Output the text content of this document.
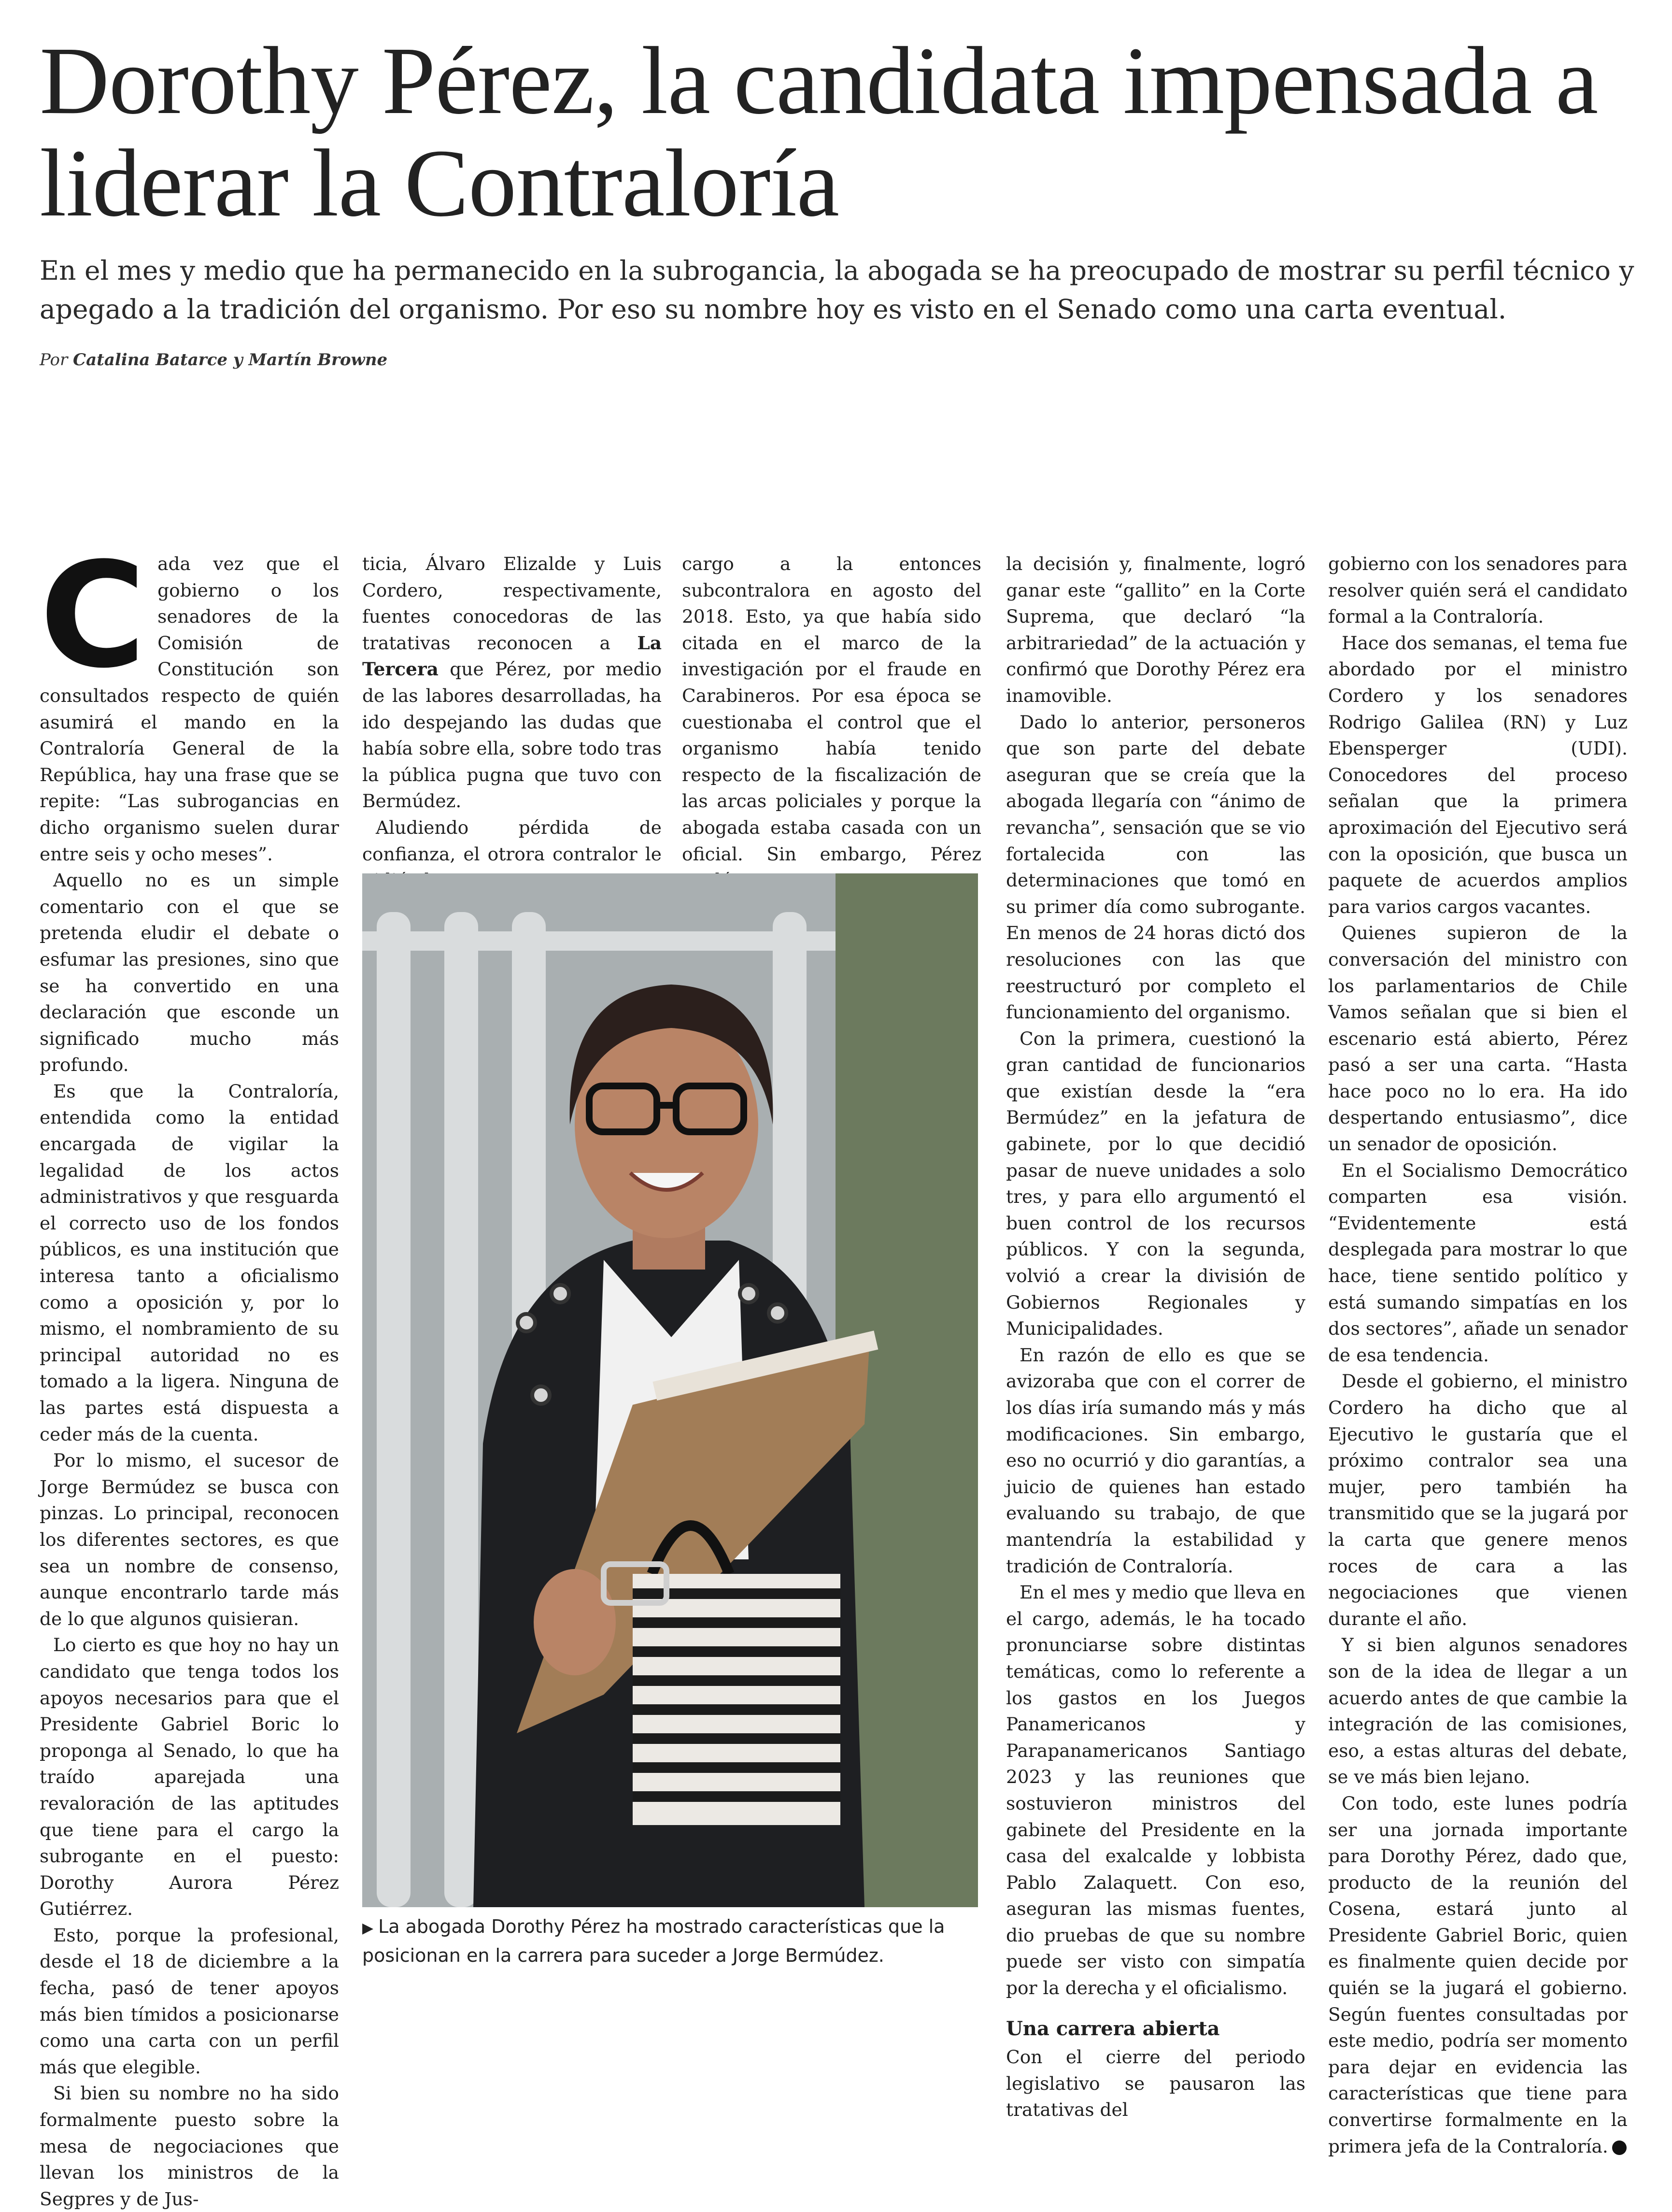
Dorothy Pérez, la candidata impensada a liderar la Contraloría

En el mes y medio que ha permanecido en la subrogancia, la abogada se ha preocupado de mostrar su perfil técnico y apegado a la tradición del organismo. Por eso su nombre hoy es visto en el Senado como una carta eventual.

Por Catalina Batarce y Martín Browne

Cada vez que el gobierno o los senadores de la Comisión de Constitución son consultados respecto de quién asumirá el mando en la Contraloría General de la República, hay una frase que se repite: “Las subrogancias en dicho organismo suelen durar entre seis y ocho meses”.

Aquello no es un simple comentario con el que se pretenda eludir el debate o esfumar las presiones, sino que se ha convertido en una declaración que esconde un significado mucho más profundo.

Es que la Contraloría, entendida como la entidad encargada de vigilar la legalidad de los actos administrativos y que resguarda el correcto uso de los fondos públicos, es una institución que interesa tanto a oficialismo como a oposición y, por lo mismo, el nombramiento de su principal autoridad no es tomado a la ligera. Ninguna de las partes está dispuesta a ceder más de la cuenta.

Por lo mismo, el sucesor de Jorge Bermúdez se busca con pinzas. Lo principal, reconocen los diferentes sectores, es que sea un nombre de consenso, aunque encontrarlo tarde más de lo que algunos quisieran.

Lo cierto es que hoy no hay un candidato que tenga todos los apoyos necesarios para que el Presidente Gabriel Boric lo proponga al Senado, lo que ha traído aparejada una revaloración de las aptitudes que tiene para el cargo la subrogante en el puesto: Dorothy Aurora Pérez Gutiérrez.

Esto, porque la profesional, desde el 18 de diciembre a la fecha, pasó de tener apoyos más bien tímidos a posicionarse como una carta con un perfil más que elegible.

Si bien su nombre no ha sido formalmente puesto sobre la mesa de negociaciones que llevan los ministros de la Segpres y de Jus-

ticia, Álvaro Elizalde y Luis Cordero, respectivamente, fuentes conocedoras de las tratativas reconocen a La Tercera que Pérez, por medio de las labores desarrolladas, ha ido despejando las dudas que había sobre ella, sobre todo tras la pública pugna que tuvo con Bermúdez.

Aludiendo pérdida de confianza, el otrora contralor le

cargo a la entonces subcontralora en agosto del 2018. Esto, ya que había sido citada en el marco de la investigación por el fraude en Carabineros. Por esa época se cuestionaba el control que el organismo había tenido respecto de la fiscalización de las arcas policiales y porque la abogada estaba casada con un oficial. Sin embargo, Pérez

▶ La abogada Dorothy Pérez ha mostrado características que la posicionan en la carrera para suceder a Jorge Bermúdez.

la decisión y, finalmente, logró ganar este “gallito” en la Corte Suprema, que declaró “la arbitrariedad” de la actuación y confirmó que Dorothy Pérez era inamovible.

Dado lo anterior, personeros que son parte del debate aseguran que se creía que la abogada llegaría con “ánimo de revancha”, sensación que se vio fortalecida con las determinaciones que tomó en su primer día como subrogante. En menos de 24 horas dictó dos resoluciones con las que reestructuró por completo el funcionamiento del organismo.

Con la primera, cuestionó la gran cantidad de funcionarios que existían desde la “era Bermúdez” en la jefatura de gabinete, por lo que decidió pasar de nueve unidades a solo tres, y para ello argumentó el buen control de los recursos públicos. Y con la segunda, volvió a crear la división de Gobiernos Regionales y Municipalidades.

En razón de ello es que se avizoraba que con el correr de los días iría sumando más y más modificaciones. Sin embargo, eso no ocurrió y dio garantías, a juicio de quienes han estado evaluando su trabajo, de que mantendría la estabilidad y tradición de Contraloría.

En el mes y medio que lleva en el cargo, además, le ha tocado pronunciarse sobre distintas temáticas, como lo referente a los gastos en los Juegos Panamericanos y Parapanamericanos Santiago 2023 y las reuniones que sostuvieron ministros del gabinete del Presidente en la casa del exalcalde y lobbista Pablo Zalaquett. Con eso, aseguran las mismas fuentes, dio pruebas de que su nombre puede ser visto con simpatía por la derecha y el oficialismo.

Una carrera abierta

Con el cierre del periodo legislativo se pausaron las tratativas del

gobierno con los senadores para resolver quién será el candidato formal a la Contraloría.

Hace dos semanas, el tema fue abordado por el ministro Cordero y los senadores Rodrigo Galilea (RN) y Luz Ebensperger (UDI). Conocedores del proceso señalan que la primera aproximación del Ejecutivo será con la oposición, que busca un paquete de acuerdos amplios para varios cargos vacantes.

Quienes supieron de la conversación del ministro con los parlamentarios de Chile Vamos señalan que si bien el escenario está abierto, Pérez pasó a ser una carta. “Hasta hace poco no lo era. Ha ido despertando entusiasmo”, dice un senador de oposición.

En el Socialismo Democrático comparten esa visión. “Evidentemente está desplegada para mostrar lo que hace, tiene sentido político y está sumando simpatías en los dos sectores”, añade un senador de esa tendencia.

Desde el gobierno, el ministro Cordero ha dicho que al Ejecutivo le gustaría que el próximo contralor sea una mujer, pero también ha transmitido que se la jugará por la carta que genere menos roces de cara a las negociaciones que vienen durante el año.

Y si bien algunos senadores son de la idea de llegar a un acuerdo antes de que cambie la integración de las comisiones, eso, a estas alturas del debate, se ve más bien lejano.

Con todo, este lunes podría ser una jornada importante para Dorothy Pérez, dado que, producto de la reunión del Cosena, estará junto al Presidente Gabriel Boric, quien es finalmente quien decide por quién se la jugará el gobierno. Según fuentes consultadas por este medio, podría ser momento para dejar en evidencia las características que tiene para convertirse formalmente en la primera jefa de la Contraloría.
